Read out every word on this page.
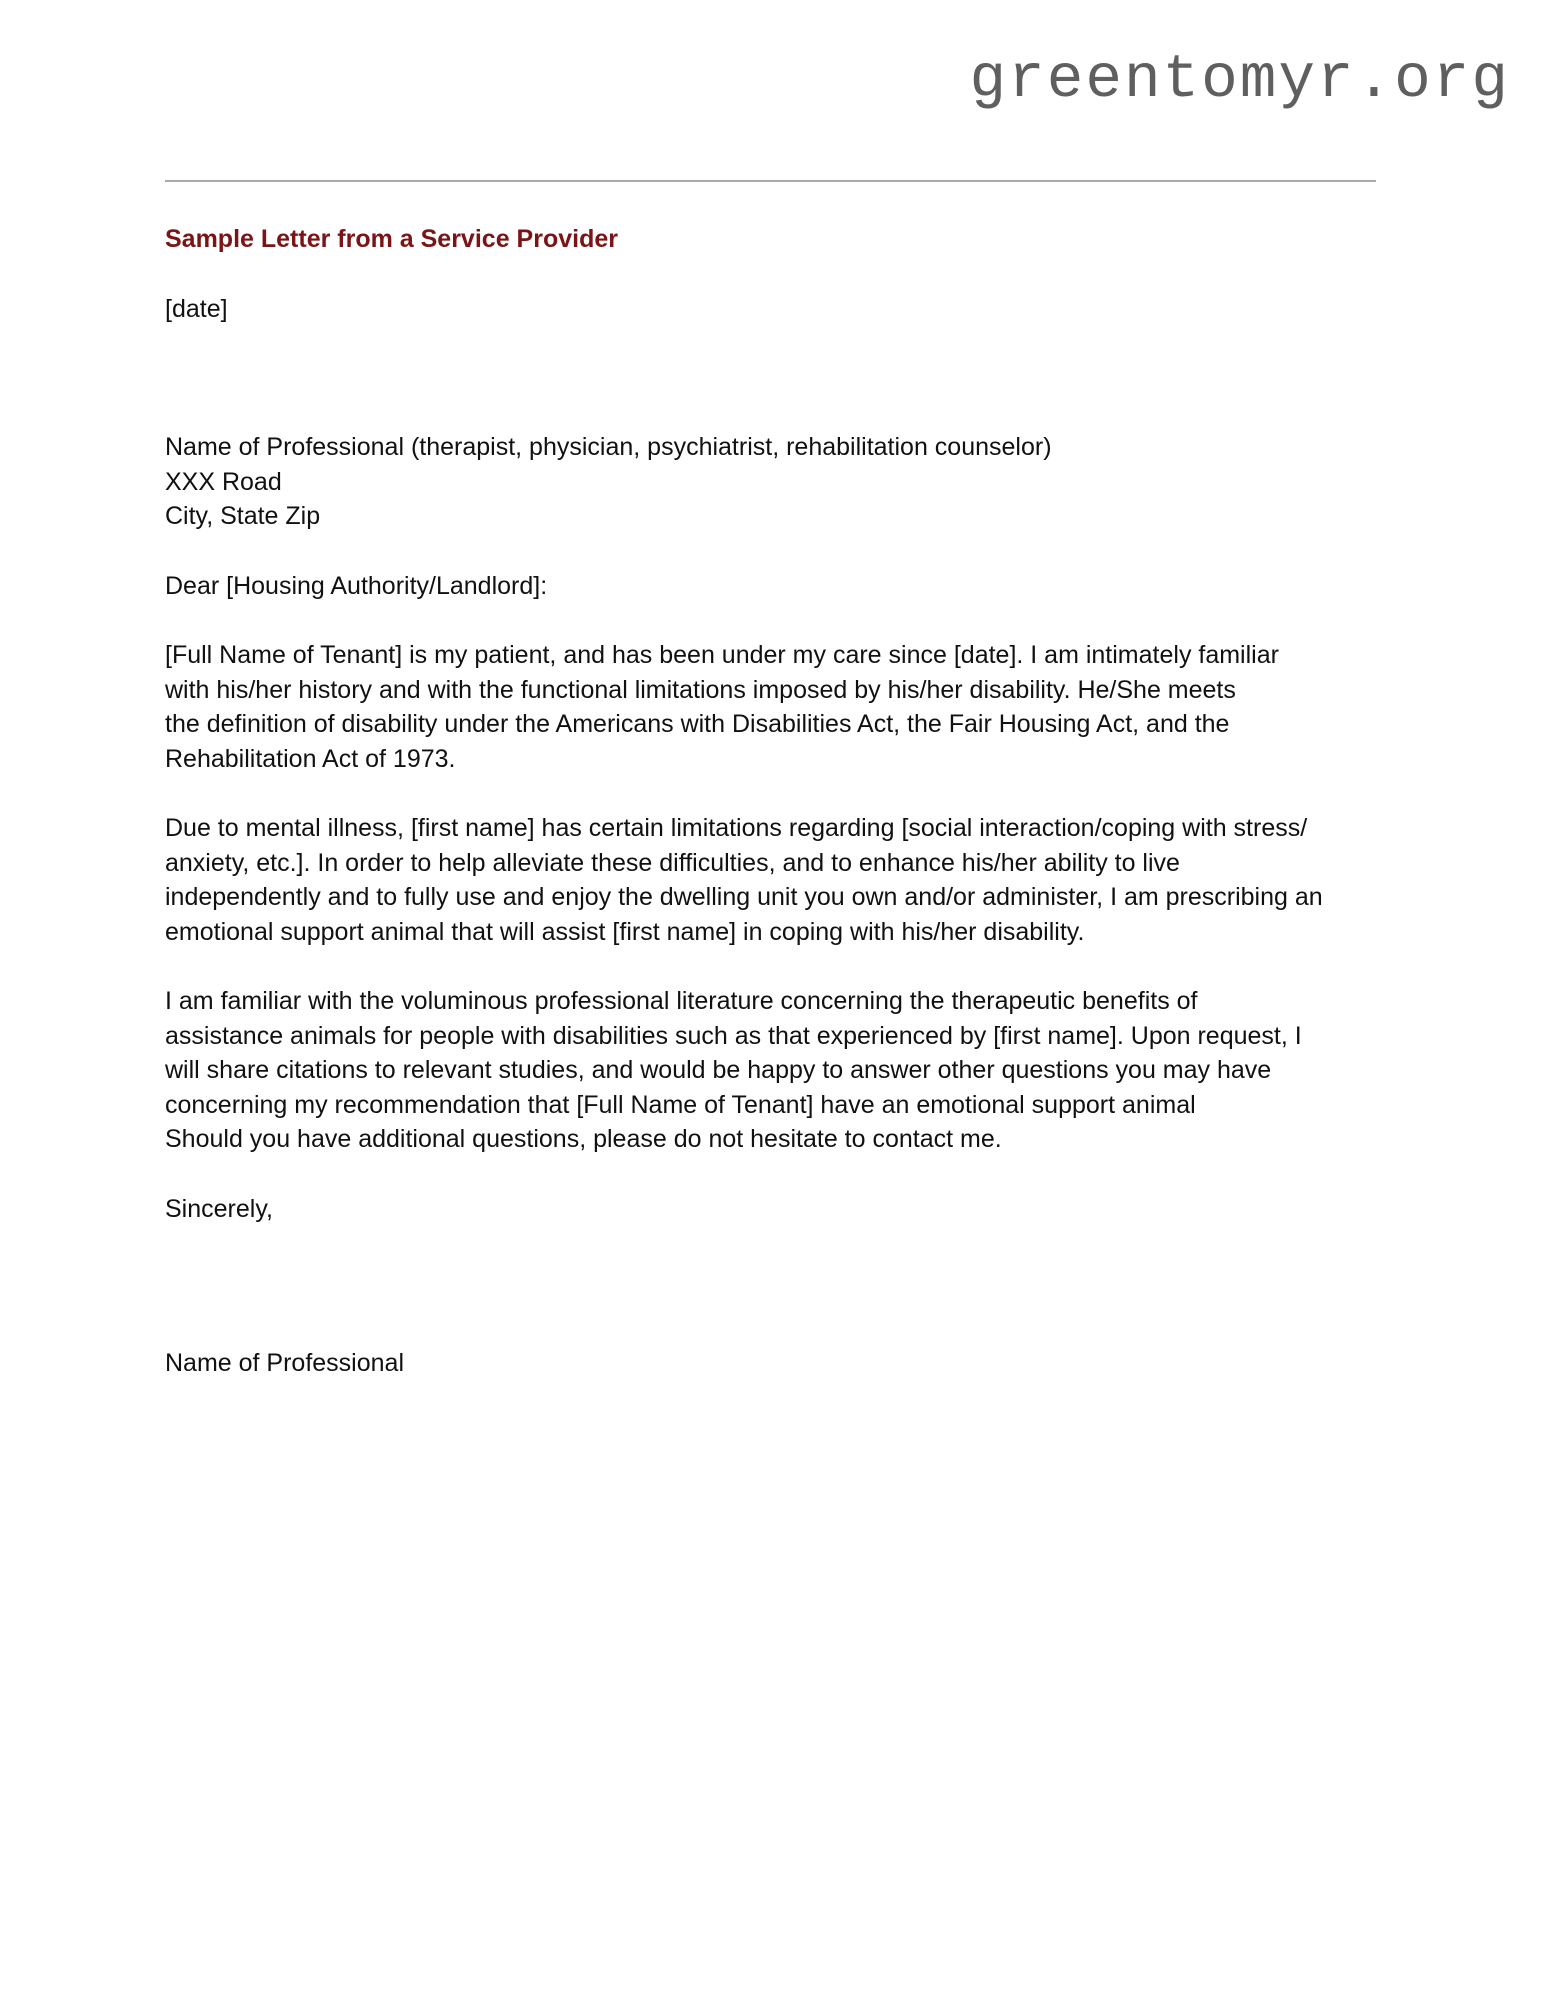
greentomyr.org

Sample Letter from a Service Provider

[date]

Name of Professional (therapist, physician, psychiatrist, rehabilitation counselor)
XXX Road
City, State Zip

Dear [Housing Authority/Landlord]:

[Full Name of Tenant] is my patient, and has been under my care since [date]. I am intimately familiar
with his/her history and with the functional limitations imposed by his/her disability. He/She meets
the definition of disability under the Americans with Disabilities Act, the Fair Housing Act, and the
Rehabilitation Act of 1973.
Due to mental illness, [first name] has certain limitations regarding [social interaction/coping with stress/
anxiety, etc.]. In order to help alleviate these difficulties, and to enhance his/her ability to live
independently and to fully use and enjoy the dwelling unit you own and/or administer, I am prescribing an
emotional support animal that will assist [first name] in coping with his/her disability.
I am familiar with the voluminous professional literature concerning the therapeutic benefits of
assistance animals for people with disabilities such as that experienced by [first name]. Upon request, I
will share citations to relevant studies, and would be happy to answer other questions you may have
concerning my recommendation that [Full Name of Tenant] have an emotional support animal
Should you have additional questions, please do not hesitate to contact me.

Sincerely,

Name of Professional
